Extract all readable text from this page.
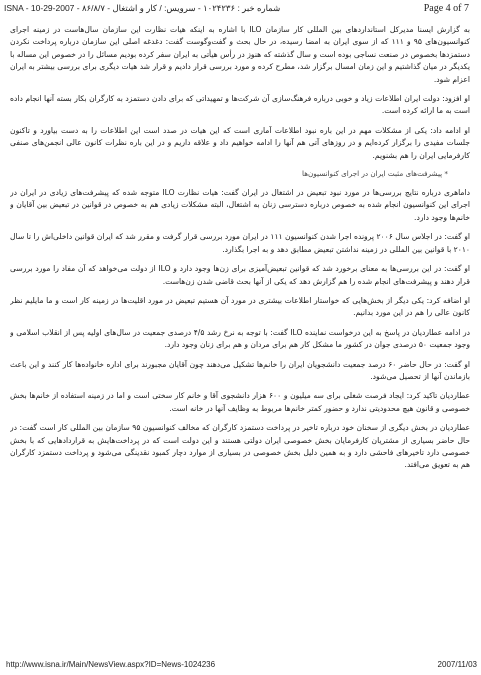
ISNA - 10-29-2007 - ۸۶/۸/۷ - شماره خبر : ۱۰۲۴۲۳۶ - سرویس: / کار و اشتغال	Page 4 of 7

به گزارش ایسنا مدیرکل استانداردهای بین المللی کار سازمان ILO با اشاره به اینکه هیات نظارت این سازمان سال‌هاست در زمینه اجرای کنوانسیون‌های ۹۵ و ۱۱۱ که از سوی ایران به امضا رسیده، در حال بحث و گفت‌وگوست گفت: دغدغه اصلی این سازمان درباره پرداخت نکردن دستمزدها بخصوص در صنعت نساجی بوده است و سال گذشته که هنوز در رأس هیأتی به ایران سفر کرده بودیم مسائل را در خصوص این مساله با یکدیگر در میان گذاشتیم و این زمان امسال برگزار شد، مطرح کرده و مورد بررسی قرار دادیم و قرار شد هیات دیگری برای بررسی بیشتر به ایران اعزام شود.

او افزود: دولت ایران اطلاعات زیاد و خوبی درباره فرهنگ‌سازی آن شرکت‌ها و تمهیداتی که برای دادن دستمزد به کارگران بکار بسته آنها انجام داده است به ما ارائه کرده است.

او ادامه داد: یکی از مشکلات مهم در این باره نبود اطلاعات آماری است که این هیات در صدد است این اطلاعات را به دست بیاورد و تاکنون جلسات مفیدی را برگزار کرده‌ایم و در روزهای آتی هم آنها را ادامه خواهیم داد و علاقه داریم و در این باره نظرات کانون عالی انجمن‌های صنفی کارفرمایی ایران را هم بشنویم.

* پیشرفت‌های مثبت ایران در اجرای کنوانسیون‌ها

داماهری درباره نتایج بررسی‌ها در مورد نبود تبعیض در اشتغال در ایران گفت: هیات نظارت ILO متوجه شده که پیشرفت‌های زیادی در ایران در اجرای این کنوانسیون انجام شده به خصوص درباره دسترسی زنان به اشتغال، البته مشکلات زیادی هم به خصوص در قوانین در تبعیض بین آقایان و خانم‌ها وجود دارد.

او گفت: در اجلاس سال ۲۰۰۶ پرونده اجرا شدن کنوانسیون ۱۱۱ در ایران مورد بررسی قرار گرفت و مقرر شد که ایران قوانین داخلی‌اش را تا سال ۲۰۱۰ با قوانین بین المللی در زمینه نداشتن تبعیض مطابق دهد و به اجرا بگذارد.

او گفت: در این بررسی‌ها به معنای برخورد شد که قوانین تبعیض‌آمیزی برای زن‌ها وجود دارد و ILO از دولت می‌خواهد که آن مفاد را مورد بررسی قرار دهند و پیشرفت‌های انجام شده را هم گزارش دهد که یکی از آنها بحث قاضی شدن زن‌هاست.

او اضافه کرد: یکی دیگر از بخش‌هایی که خواستار اطلاعات بیشتری در مورد آن هستیم تبعیض در مورد اقلیت‌ها در زمینه کار است و ما مایلیم نظر کانون عالی را هم در این مورد بدانیم.

در ادامه عطاردیان در پاسخ به این درخواست نماینده ILO گفت: با توجه به نرخ رشد ۴/۵ درصدی جمعیت در سال‌های اولیه پس از انقلاب اسلامی و وجود جمعیت ۵۰ درصدی جوان در کشور ما مشکل کار هم برای مردان و هم برای زنان وجود دارد.

او گفت: در حال حاضر ۶۰ درصد جمعیت دانشجویان ایران را خانم‌ها تشکیل می‌دهند چون آقایان مجبورند برای اداره خانواده‌ها کار کنند و این باعث بازماندن آنها از تحصیل می‌شود.

عطاردیان تاکید کرد: ایجاد فرصت شغلی برای سه میلیون و ۶۰۰ هزار دانشجوی آقا و خانم کار سختی است و اما در زمینه استفاده از خانم‌ها بخش خصوصی و قانون هیچ محدودیتی ندارد و حضور کمتر خانم‌ها مربوط به وظایف آنها در خانه است.

عطاردیان در بخش دیگری از سخنان خود درباره تاخیر در پرداخت دستمزد کارگران که مخالف کنوانسیون ۹۵ سازمان بین المللی کار است گفت: در حال حاضر بسیاری از مشتریان کارفرمایان بخش خصوصی ایران دولتی هستند و این دولت است که در پرداخت‌هایش به قراردادهایی که با بخش خصوصی دارد تاخیرهای فاحشی دارد و به همین دلیل بخش خصوصی در بسیاری از موارد دچار کمبود نقدینگی می‌شود و پرداخت دستمزد کارگران هم به تعویق می‌افتد.

http://www.isna.ir/Main/NewsView.aspx?ID=News-1024236	2007/11/03
